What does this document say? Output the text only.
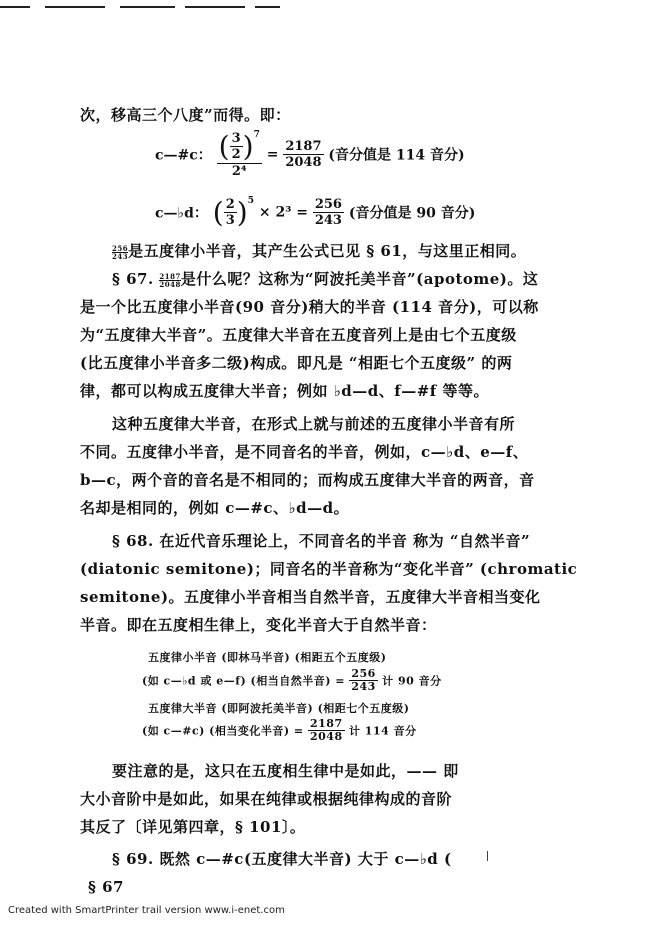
次，移高三个八度”而得。即：
c—#c： $\frac{( \frac{3}{2} )^7}{\text{2⁴}} = \frac{2187}{2048}$ (音分值是 114 音分)
c—♭d： ( $\frac{2}{3} )^5 \times 2^3 = \frac{256}{243}$ (音分值是 90 音分)
$\frac{256}{243}$ 是五度律小半音，其产生公式已见 § 61，与这里正相同。
§ 67. $\frac{2187}{2048}$ 是什么呢？这称为“阿波托美半音”(apotome)。这
是一个比五度律小半音(90 音分)稍大的半音 (114 音分)，可以称
为“五度律大半音”。五度律大半音在五度音列上是由七个五度级
(比五度律小半音多二级)构成。即凡是 “相距七个五度级” 的两
律，都可以构成五度律大半音；例如 ♭d—d、f—#f 等等。
这种五度律大半音，在形式上就与前述的五度律小半音有所
不同。五度律小半音，是不同音名的半音，例如，c—♭d、e—f、
b—c，两个音的音名是不相同的；而构成五度律大半音的两音，音
名却是相同的，例如 c—#c、♭d—d。
§ 68. 在近代音乐理论上，不同音名的半音 称为 “自然半音”
(diatonic semitone)；同音名的半音称为“变化半音” (chromatic
semitone)。五度律小半音相当自然半音，五度律大半音相当变化
半音。即在五度相生律上，变化半音大于自然半音：
五度律小半音 (即林马半音) (相距五个五度级)
(如 c—♭d 或 e—f) (相当自然半音) = $\frac{256}{243}$ 计 90 音分
五度律大半音 (即阿波托美半音) (相距七个五度级)
(如 c—#c) (相当变化半音) = $\frac{2187}{2048}$ 计 114 音分
要注意的是，这只在五度相生律中是如此，—— 即
大小音阶中是如此，如果在纯律或根据纯律构成的音阶
其反了〔详见第四章，§ 101〕。
§ 69. 既然 c—#c(五度律大半音) 大于 c—♭d (
§ 67
Created with SmartPrinter trail version www.i-enet.com
